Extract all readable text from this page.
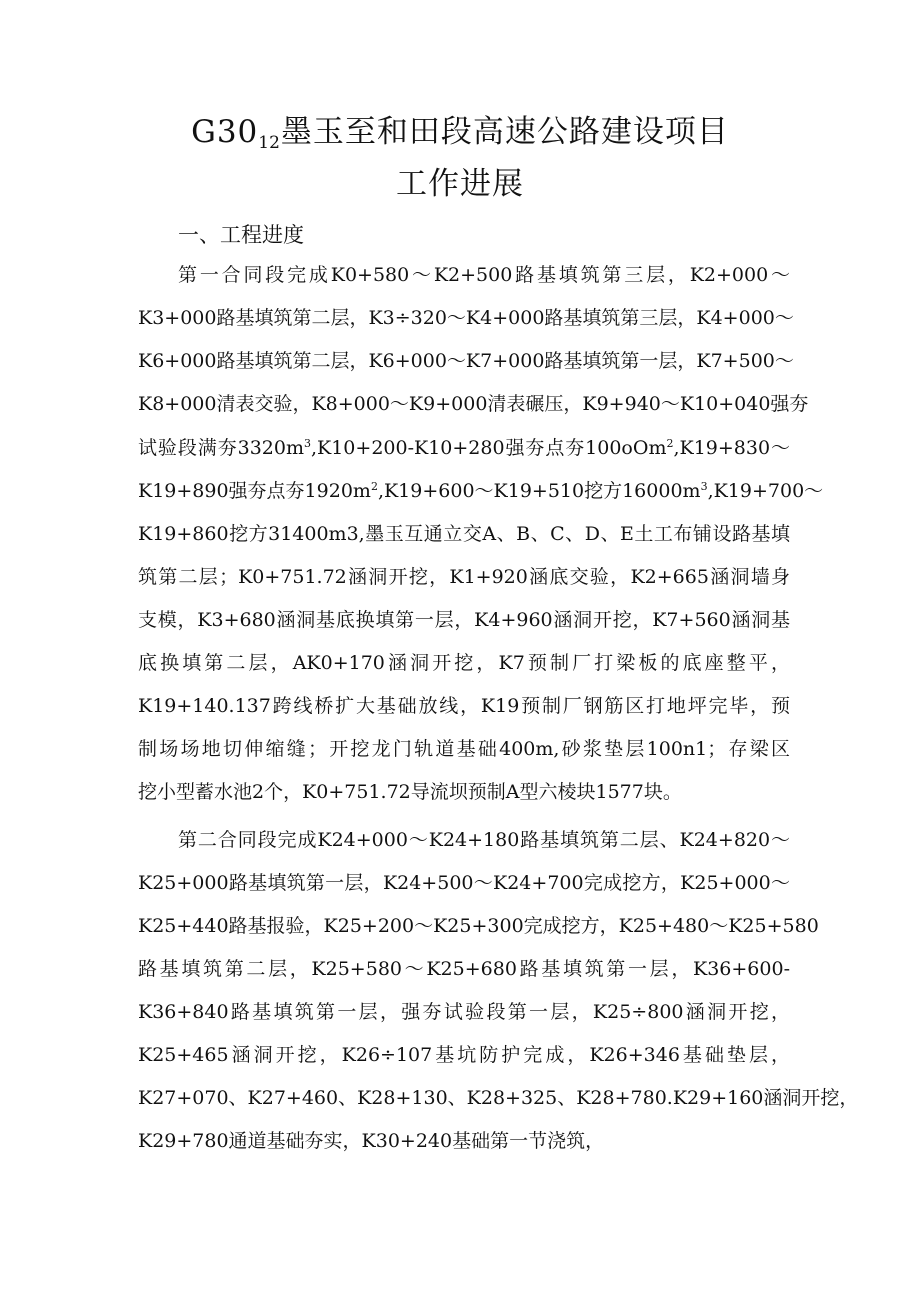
$G30_{12}$墨玉至和田段高速公路建设项目
工作进展
一、工程进度
第一合同段完成K0+580～K2+500路基填筑第三层，K2+000～
K3+000路基填筑第二层，K3÷320～K4+000路基填筑第三层，K4+000～
K6+000路基填筑第二层，K6+000～K7+000路基填筑第一层，K7+500～
K8+000清表交验，K8+000～K9+000清表碾压，K9+940～K10+040强夯
试验段满夯$3320m^3,K10+200-K10+280$强夯点夯100oOm$^2$,K19+830～
K19+890强夯点夯$1920m^2,K19+600\sim K19+510$挖方$16000m^3,K19+700\sim$
K19+860挖方31400m3,墨玉互通立交A、B、C、D、E土工布铺设路基填
筑第二层；K0+751.72涵洞开挖，K1+920涵底交验，K2+665涵洞墙身
支模，K3+680涵洞基底换填第一层，K4+960涵洞开挖，K7+560涵洞基
底换填第二层，AK0+170涵洞开挖，K7预制厂打梁板的底座整平，
K19+140.137跨线桥扩大基础放线，K19预制厂钢筋区打地坪完毕，预
制场场地切伸缩缝；开挖龙门轨道基础400m,砂浆垫层100n1；存梁区
挖小型蓄水池2个，K0+751.72导流坝预制A型六棱块1577块。
第二合同段完成K24+000～K24+180路基填筑第二层、K24+820～
K25+000路基填筑第一层，K24+500～K24+700完成挖方，K25+000～
K25+440路基报验，K25+200～K25+300完成挖方，K25+480～K25+580
路基填筑第二层，K25+580～K25+680路基填筑第一层，K36+600-
K36+840路基填筑第一层，强夯试验段第一层，K25÷800涵洞开挖，
K25+465涵洞开挖，K26÷107基坑防护完成，K26+346基础垫层，
K27+070、K27+460、K28+130、K28+325、K28+780.K29+160涵洞开挖，
K29+780通道基础夯实，K30+240基础第一节浇筑，
